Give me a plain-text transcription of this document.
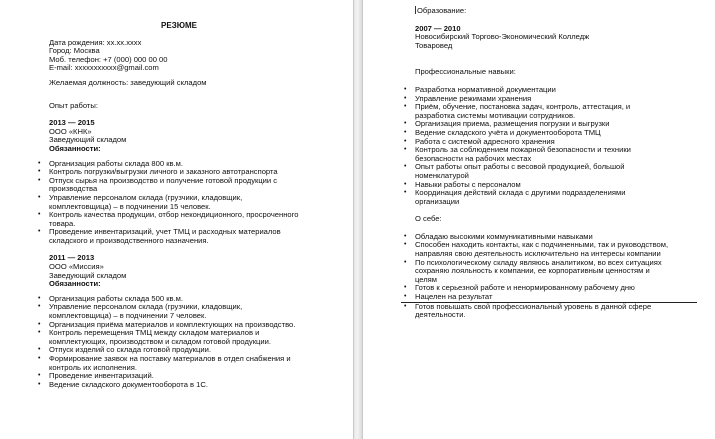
РЕЗЮМЕ
Дата рождения: xx.xx.xxxx
Город: Москва
Моб. телефон: +7 (000) 000 00 00
E-mail: xxxxxxxxxxx@gmail.com
Желаемая должность: заведующий складом
Опыт работы:
2013 — 2015
ООО «КНК»
Заведующий складом
Обязанности:
• Организация работы склада 800 кв.м.
• Контроль погрузки/выгрузки личного и заказного автотранспорта
• Отпуск сырья на производство и получение готовой продукции с
производства
• Управление персоналом склада (грузчики, кладовщик,
комплектовщица) – в подчинении 15 человек.
• Контроль качества продукции, отбор некондиционного, просроченного
товара.
• Проведение инвентаризаций, учет ТМЦ и расходных материалов
складского и производственного назначения.
2011 — 2013
ООО «Миссия»
Заведующий складом
Обязанности:
• Организация работы склада 500 кв.м.
• Управление персоналом склада (грузчики, кладовщик,
комплектовщица) – в подчинении 7 человек.
• Организация приёма материалов и комплектующих на производство.
• Контроль перемещения ТМЦ между складом материалов и
комплектующих, производством и складом готовой продукции.
• Отпуск изделий со склада готовой продукции.
• Формирование заявок на поставку материалов в отдел снабжения и
контроль их исполнения.
• Проведение инвентаризаций.
• Ведение складского документооборота в 1С.
Образование:
2007 — 2010
Новосибирский Торгово-Экономический Колледж
Товаровед
Профессиональные навыки:
• Разработка нормативной документации
• Управление режимами хранения
• Приём, обучение, постановка задач, контроль, аттестация, и
разработка системы мотивации сотрудников.
• Организация приема, размещения погрузки и выгрузки
• Ведение складского учёта и документооборота ТМЦ
• Работа с системой адресного хранения
• Контроль за соблюдением пожарной безопасности и техники
безопасности на рабочих местах
• Опыт работы опыт работы с весовой продукцией, большой
номенклатурой
• Навыки работы с персоналом
• Координация действий склада с другими подразделениями
организации
О себе:
• Обладаю высокими коммуникативными навыками
• Способен находить контакты, как с подчиненными, так и руководством,
направляя свою деятельность исключительно на интересы компании
• По психологическому складу являюсь аналитиком, во всех ситуациях
сохраняю лояльность к компании, ее корпоративным ценностям и
целям
• Готов к серьезной работе и ненормированному рабочему дню
• Нацелен на результат
• Готов повышать свой профессиональный уровень в данной сфере
деятельности.
